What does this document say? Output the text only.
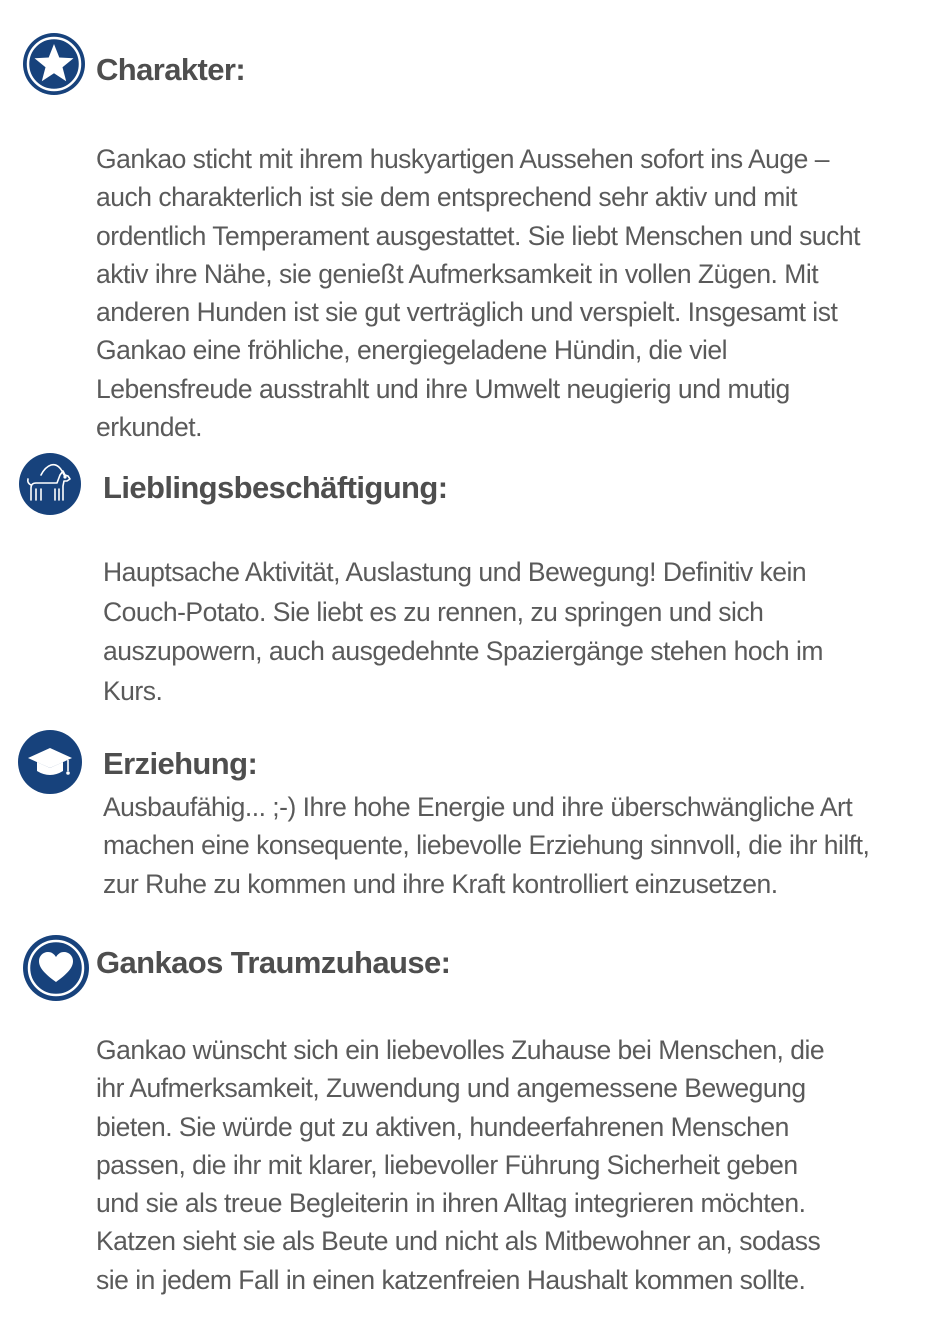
Charakter:
Gankao sticht mit ihrem huskyartigen Aussehen sofort ins Auge –
auch charakterlich ist sie dem entsprechend sehr aktiv und mit
ordentlich Temperament ausgestattet. Sie liebt Menschen und sucht
aktiv ihre Nähe, sie genießt Aufmerksamkeit in vollen Zügen. Mit
anderen Hunden ist sie gut verträglich und verspielt. Insgesamt ist
Gankao eine fröhliche, energiegeladene Hündin, die viel
Lebensfreude ausstrahlt und ihre Umwelt neugierig und mutig
erkundet.
Lieblingsbeschäftigung:
Hauptsache Aktivität, Auslastung und Bewegung! Definitiv kein
Couch-Potato. Sie liebt es zu rennen, zu springen und sich
auszupowern, auch ausgedehnte Spaziergänge stehen hoch im
Kurs.
Erziehung:
Ausbaufähig... ;-) Ihre hohe Energie und ihre überschwängliche Art
machen eine konsequente, liebevolle Erziehung sinnvoll, die ihr hilft,
zur Ruhe zu kommen und ihre Kraft kontrolliert einzusetzen.
Gankaos Traumzuhause:
Gankao wünscht sich ein liebevolles Zuhause bei Menschen, die
ihr Aufmerksamkeit, Zuwendung und angemessene Bewegung
bieten. Sie würde gut zu aktiven, hundeerfahrenen Menschen
passen, die ihr mit klarer, liebevoller Führung Sicherheit geben
und sie als treue Begleiterin in ihren Alltag integrieren möchten.
Katzen sieht sie als Beute und nicht als Mitbewohner an, sodass
sie in jedem Fall in einen katzenfreien Haushalt kommen sollte.
